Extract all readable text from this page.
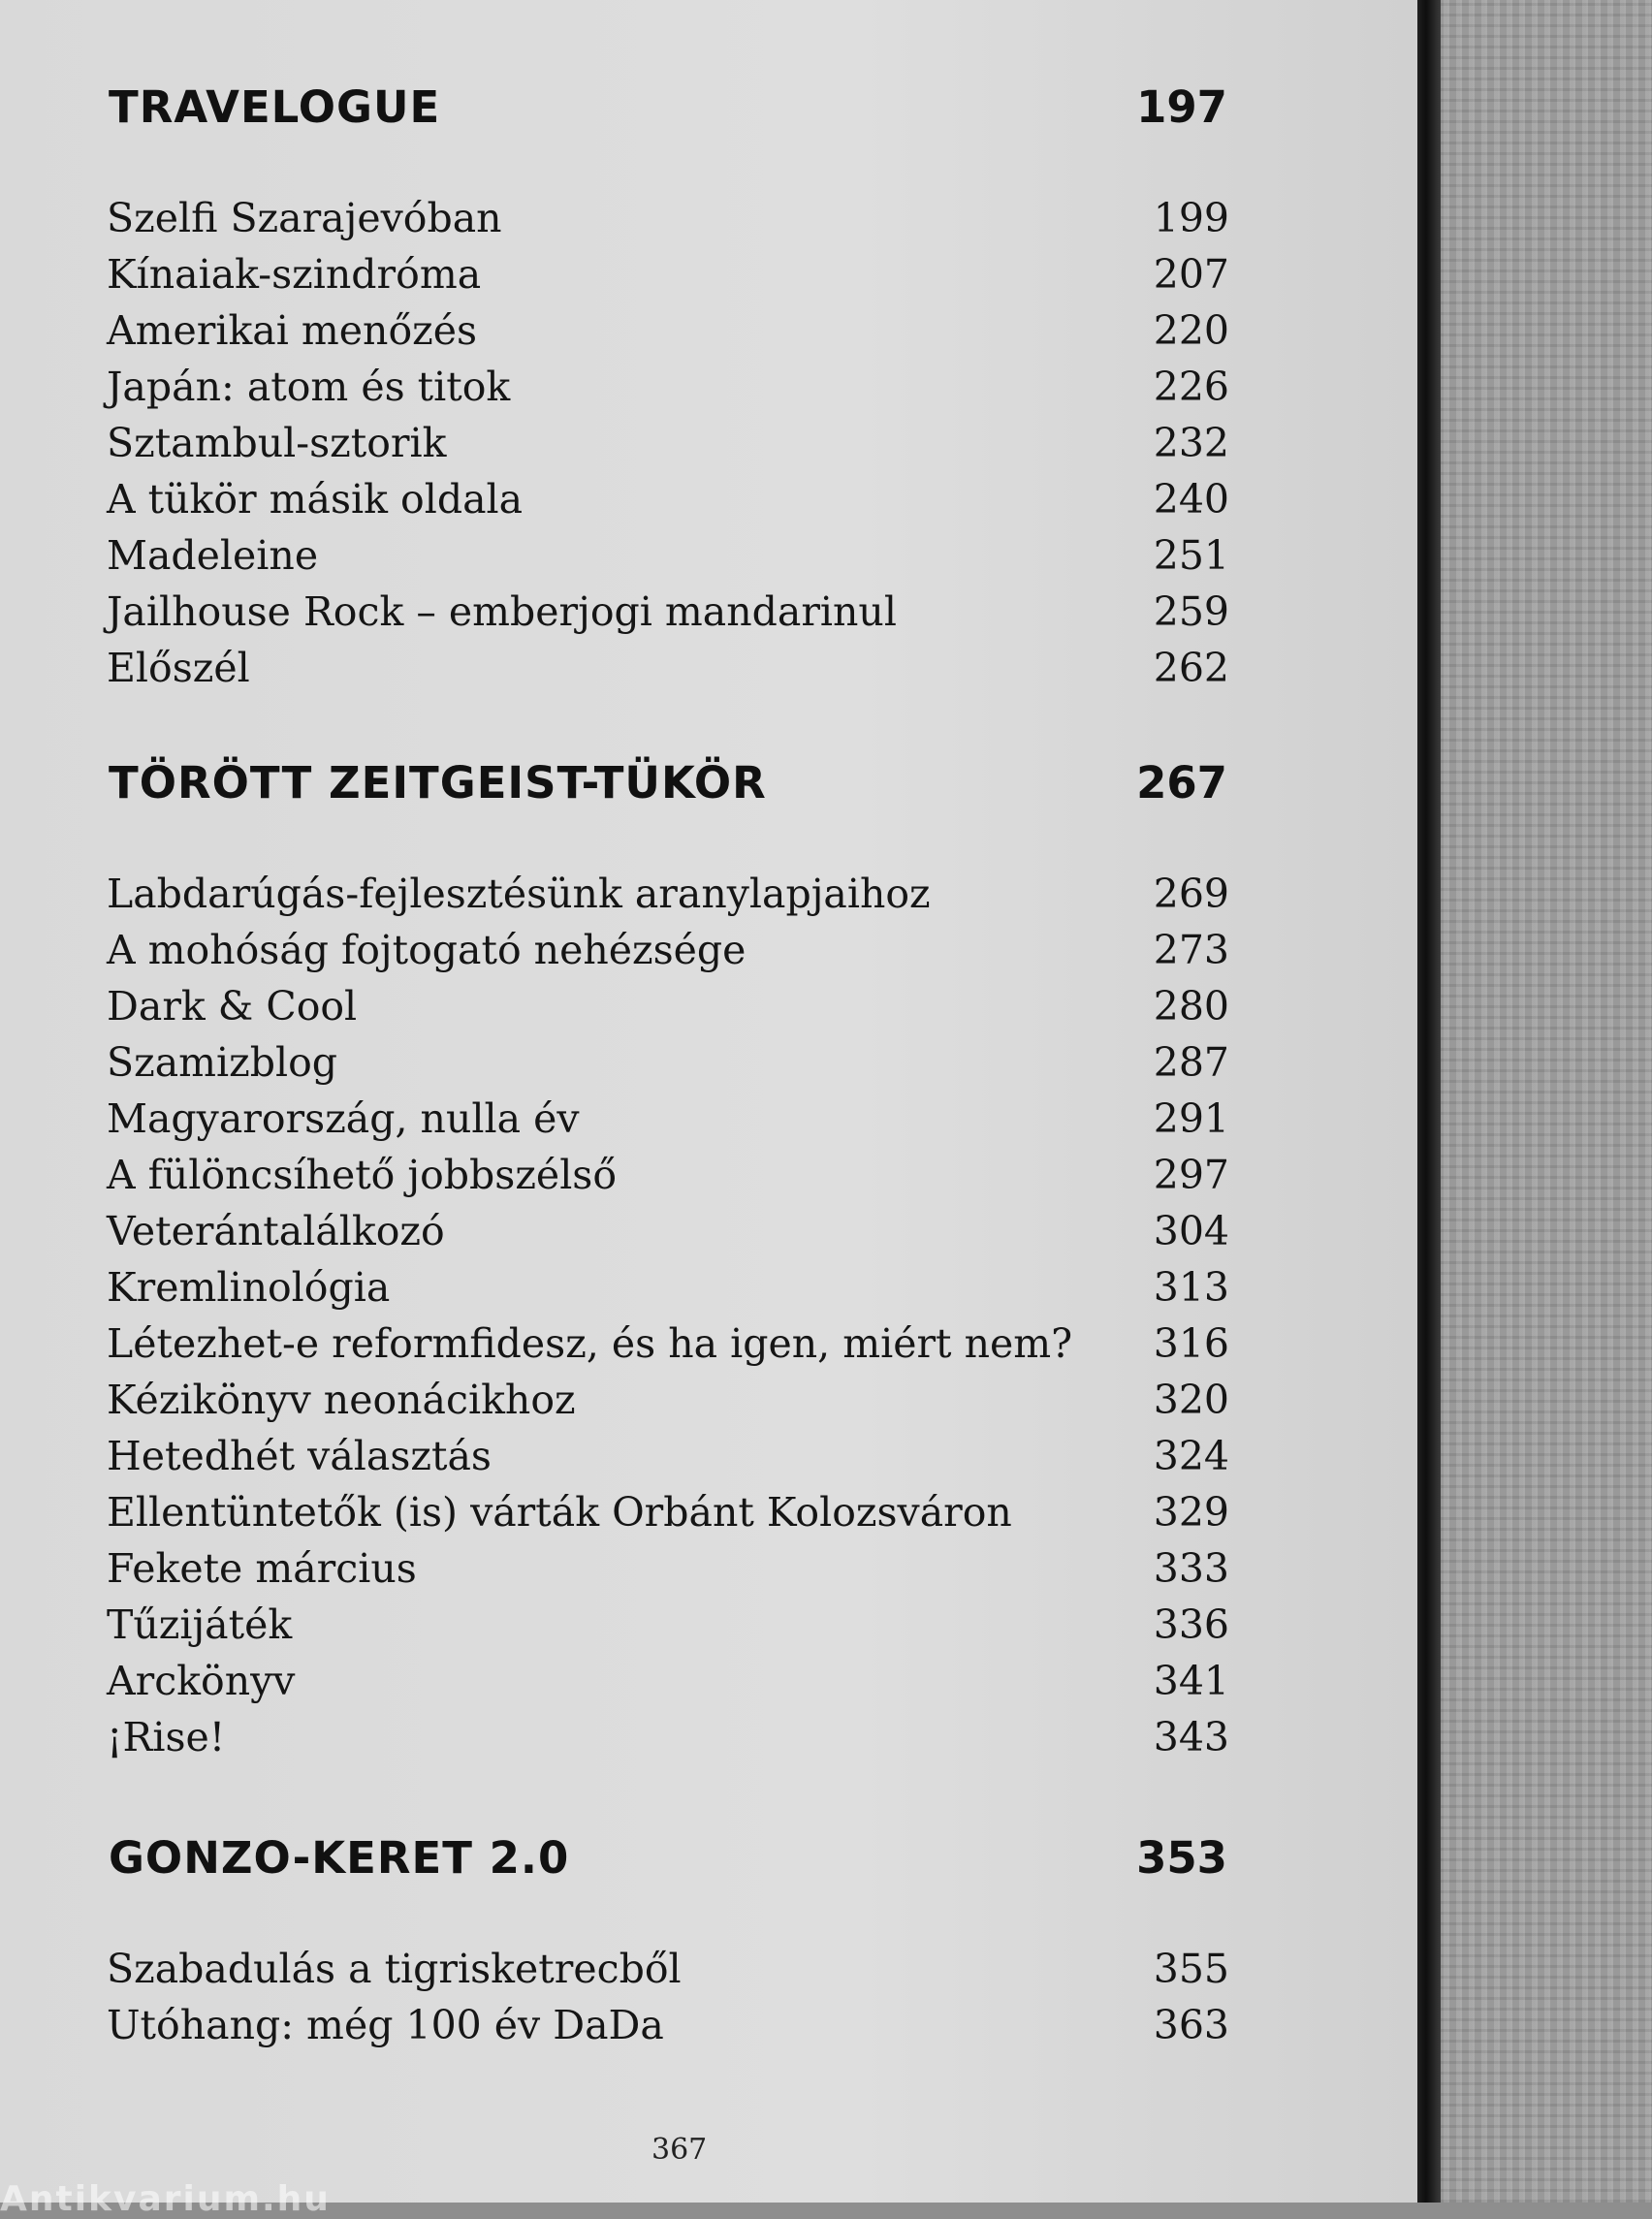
TRAVELOGUE	197
Szelfi Szarajevóban	199
Kínaiak-szindróma	207
Amerikai menőzés	220
Japán: atom és titok	226
Sztambul-sztorik	232
A tükör másik oldala	240
Madeleine	251
Jailhouse Rock – emberjogi mandarinul	259
Előszél	262
TÖRÖTT ZEITGEIST-TÜKÖR	267
Labdarúgás-fejlesztésünk aranylapjaihoz	269
A mohóság fojtogató nehézsége	273
Dark & Cool	280
Szamizblog	287
Magyarország, nulla év	291
A fülöncsíhető jobbszélső	297
Veterántalálkozó	304
Kremlinológia	313
Létezhet-e reformfidesz, és ha igen, miért nem? 316
Kézikönyv neonácikhoz	320
Hetedhét választás	324
Ellentüntetők (is) várták Orbánt Kolozsváron	329
Fekete március	333
Tűzijáték	336
Arckönyv	341
¡Rise!	343
GONZO-KERET 2.0	353
Szabadulás a tigrisketrecből	355
Utóhang: még 100 év DaDa	363
367
Antikvarium.hu
